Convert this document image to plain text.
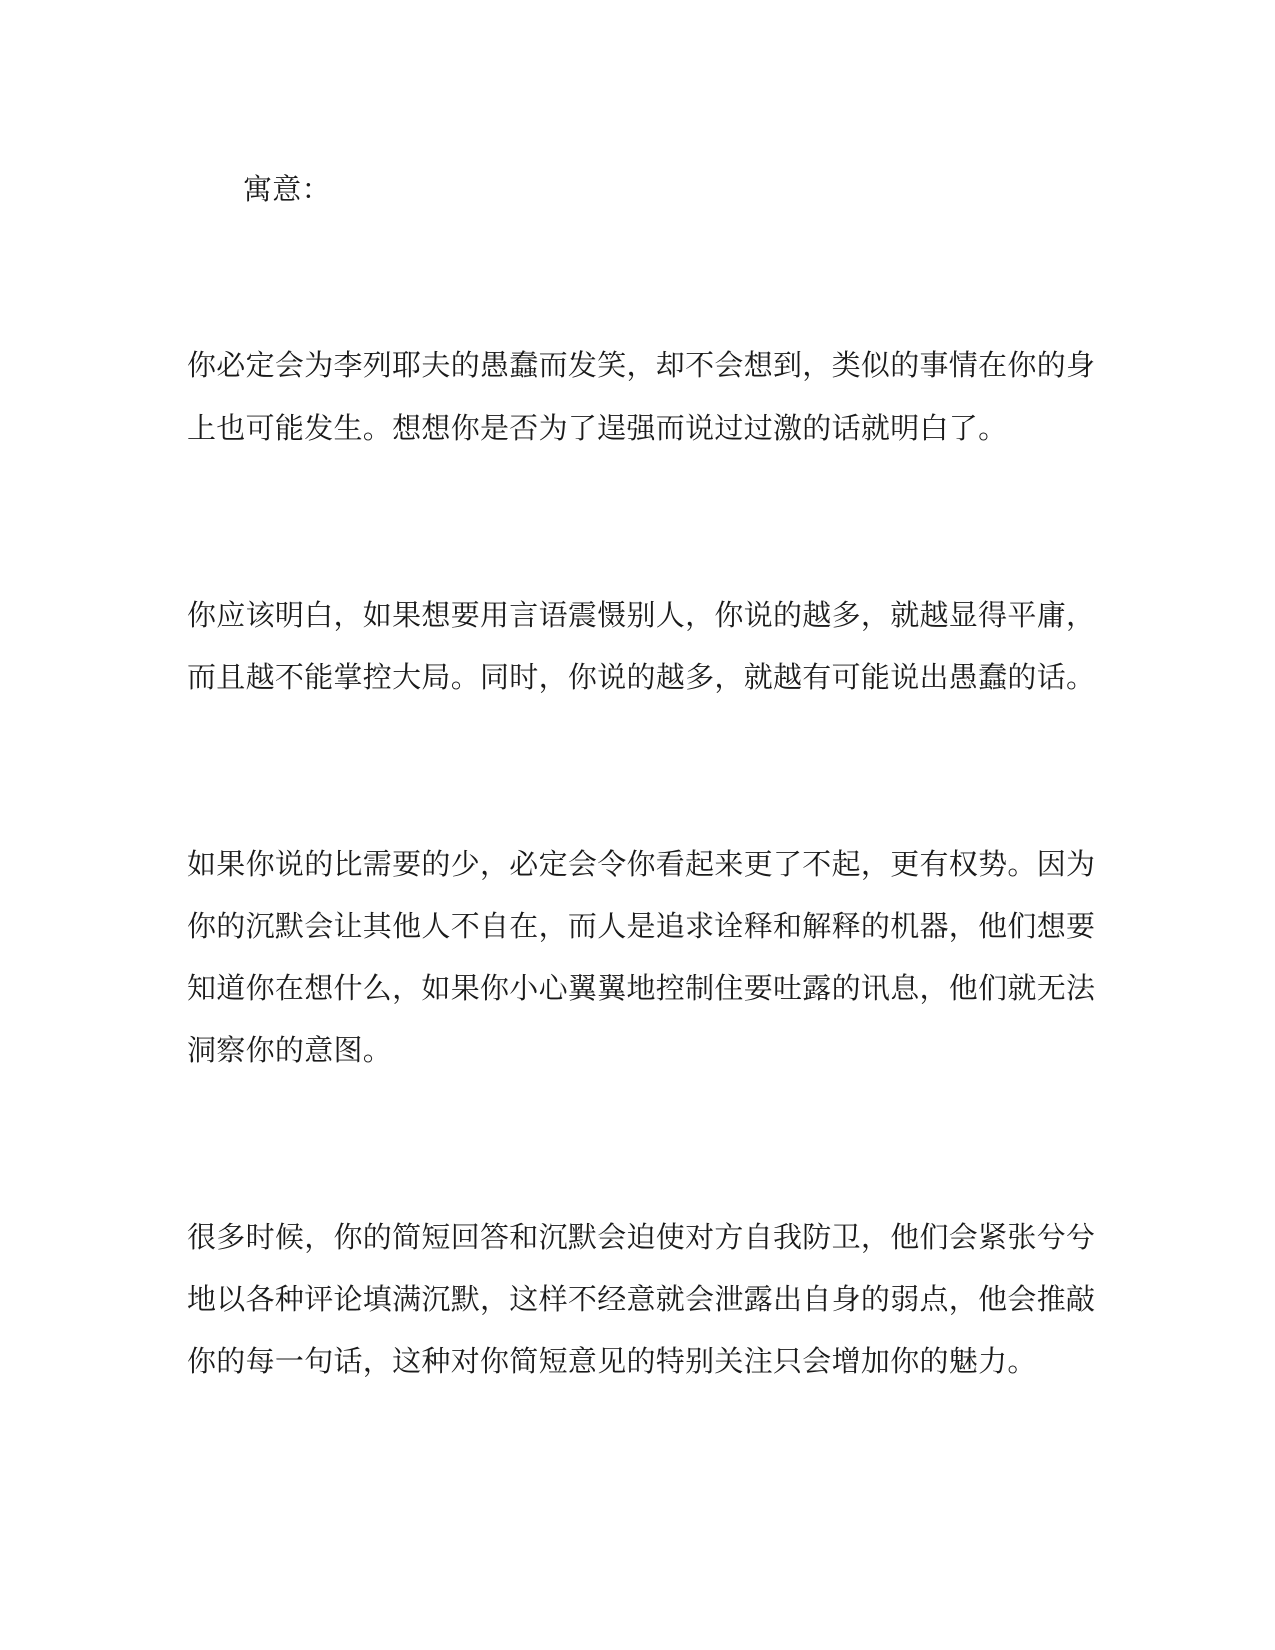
寓意：
你必定会为李列耶夫的愚蠢而发笑，却不会想到，类似的事情在你的身
上也可能发生。想想你是否为了逞强而说过过激的话就明白了。
你应该明白，如果想要用言语震慑别人，你说的越多，就越显得平庸，
而且越不能掌控大局。同时，你说的越多，就越有可能说出愚蠢的话。
如果你说的比需要的少，必定会令你看起来更了不起，更有权势。因为
你的沉默会让其他人不自在，而人是追求诠释和解释的机器，他们想要
知道你在想什么，如果你小心翼翼地控制住要吐露的讯息，他们就无法
洞察你的意图。
很多时候，你的简短回答和沉默会迫使对方自我防卫，他们会紧张兮兮
地以各种评论填满沉默，这样不经意就会泄露出自身的弱点，他会推敲
你的每一句话，这种对你简短意见的特别关注只会增加你的魅力。
